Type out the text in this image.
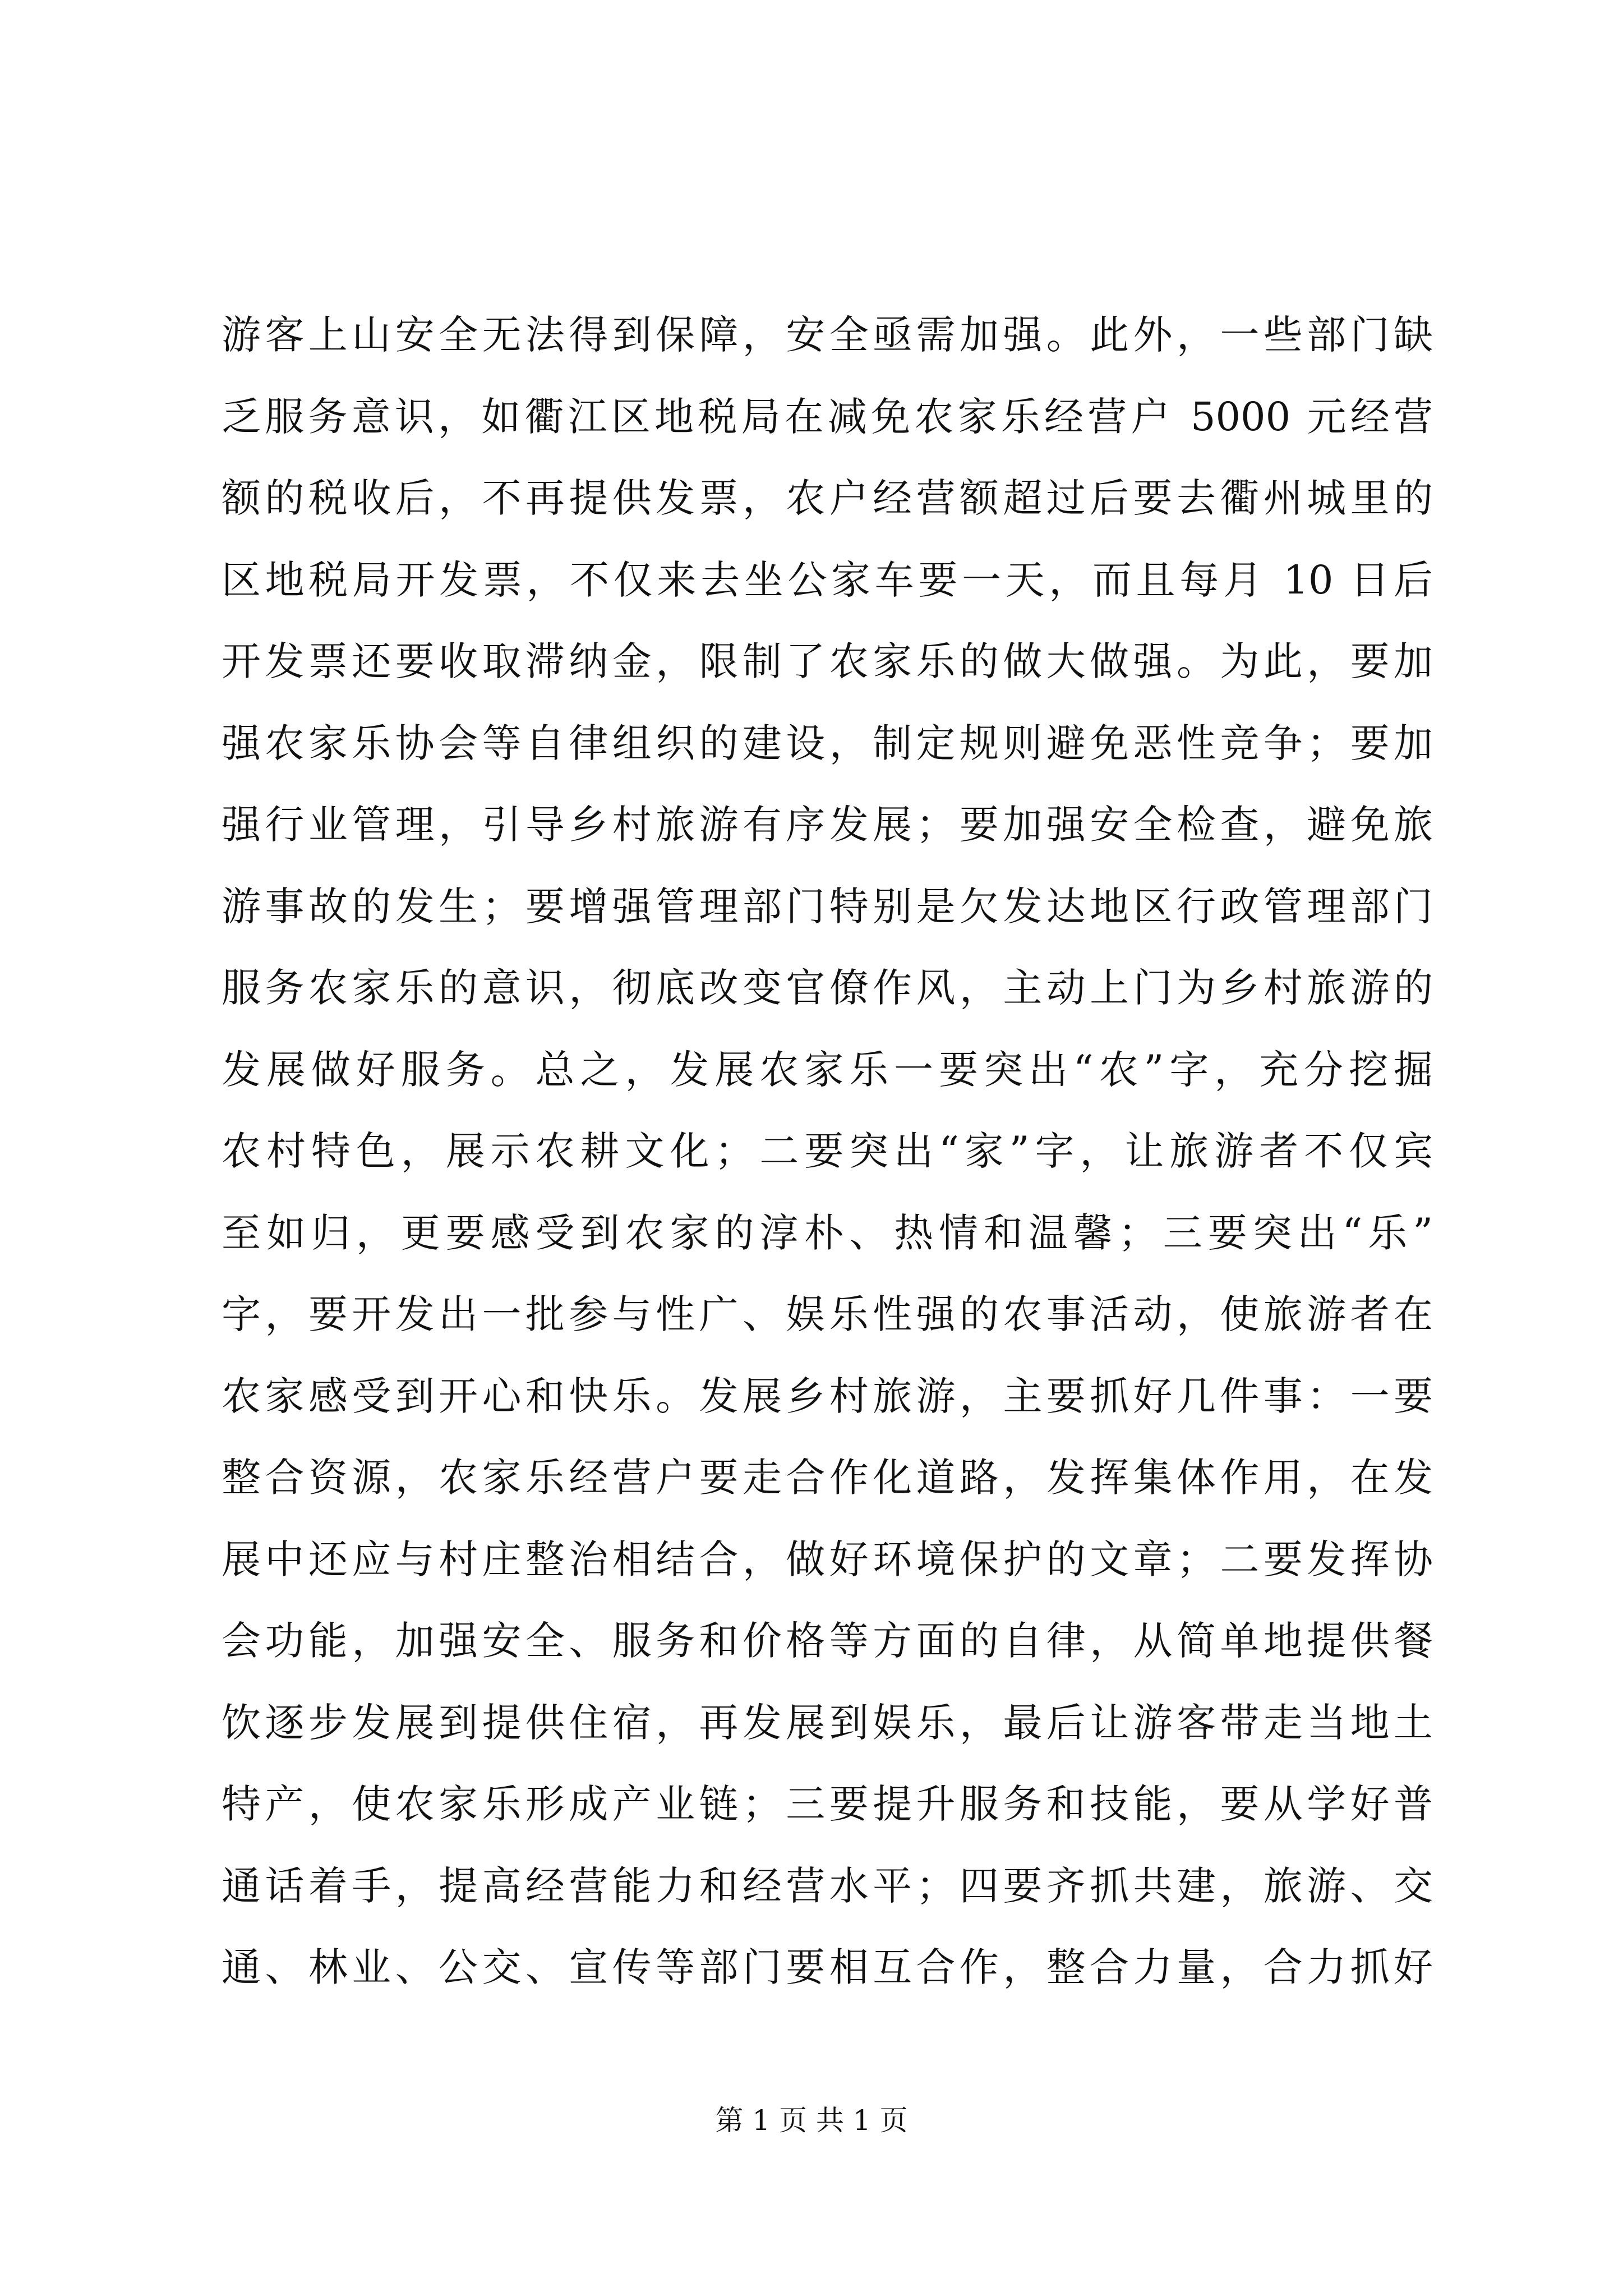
游客上山安全无法得到保障，安全亟需加强。此外，一些部门缺
乏服务意识，如衢江区地税局在减免农家乐经营户 5000 元经营
额的税收后，不再提供发票，农户经营额超过后要去衢州城里的
区地税局开发票，不仅来去坐公家车要一天，而且每月 10 日后
开发票还要收取滞纳金，限制了农家乐的做大做强。为此，要加
强农家乐协会等自律组织的建设，制定规则避免恶性竞争；要加
强行业管理，引导乡村旅游有序发展；要加强安全检查，避免旅
游事故的发生；要增强管理部门特别是欠发达地区行政管理部门
服务农家乐的意识，彻底改变官僚作风，主动上门为乡村旅游的
发展做好服务。总之，发展农家乐一要突出“农”字，充分挖掘
农村特色，展示农耕文化；二要突出“家”字，让旅游者不仅宾
至如归，更要感受到农家的淳朴、热情和温馨；三要突出“乐”
字，要开发出一批参与性广、娱乐性强的农事活动，使旅游者在
农家感受到开心和快乐。发展乡村旅游，主要抓好几件事：一要
整合资源，农家乐经营户要走合作化道路，发挥集体作用，在发
展中还应与村庄整治相结合，做好环境保护的文章；二要发挥协
会功能，加强安全、服务和价格等方面的自律，从简单地提供餐
饮逐步发展到提供住宿，再发展到娱乐，最后让游客带走当地土
特产，使农家乐形成产业链；三要提升服务和技能，要从学好普
通话着手，提高经营能力和经营水平；四要齐抓共建，旅游、交
通、林业、公交、宣传等部门要相互合作，整合力量，合力抓好
第 1 页 共 1 页
